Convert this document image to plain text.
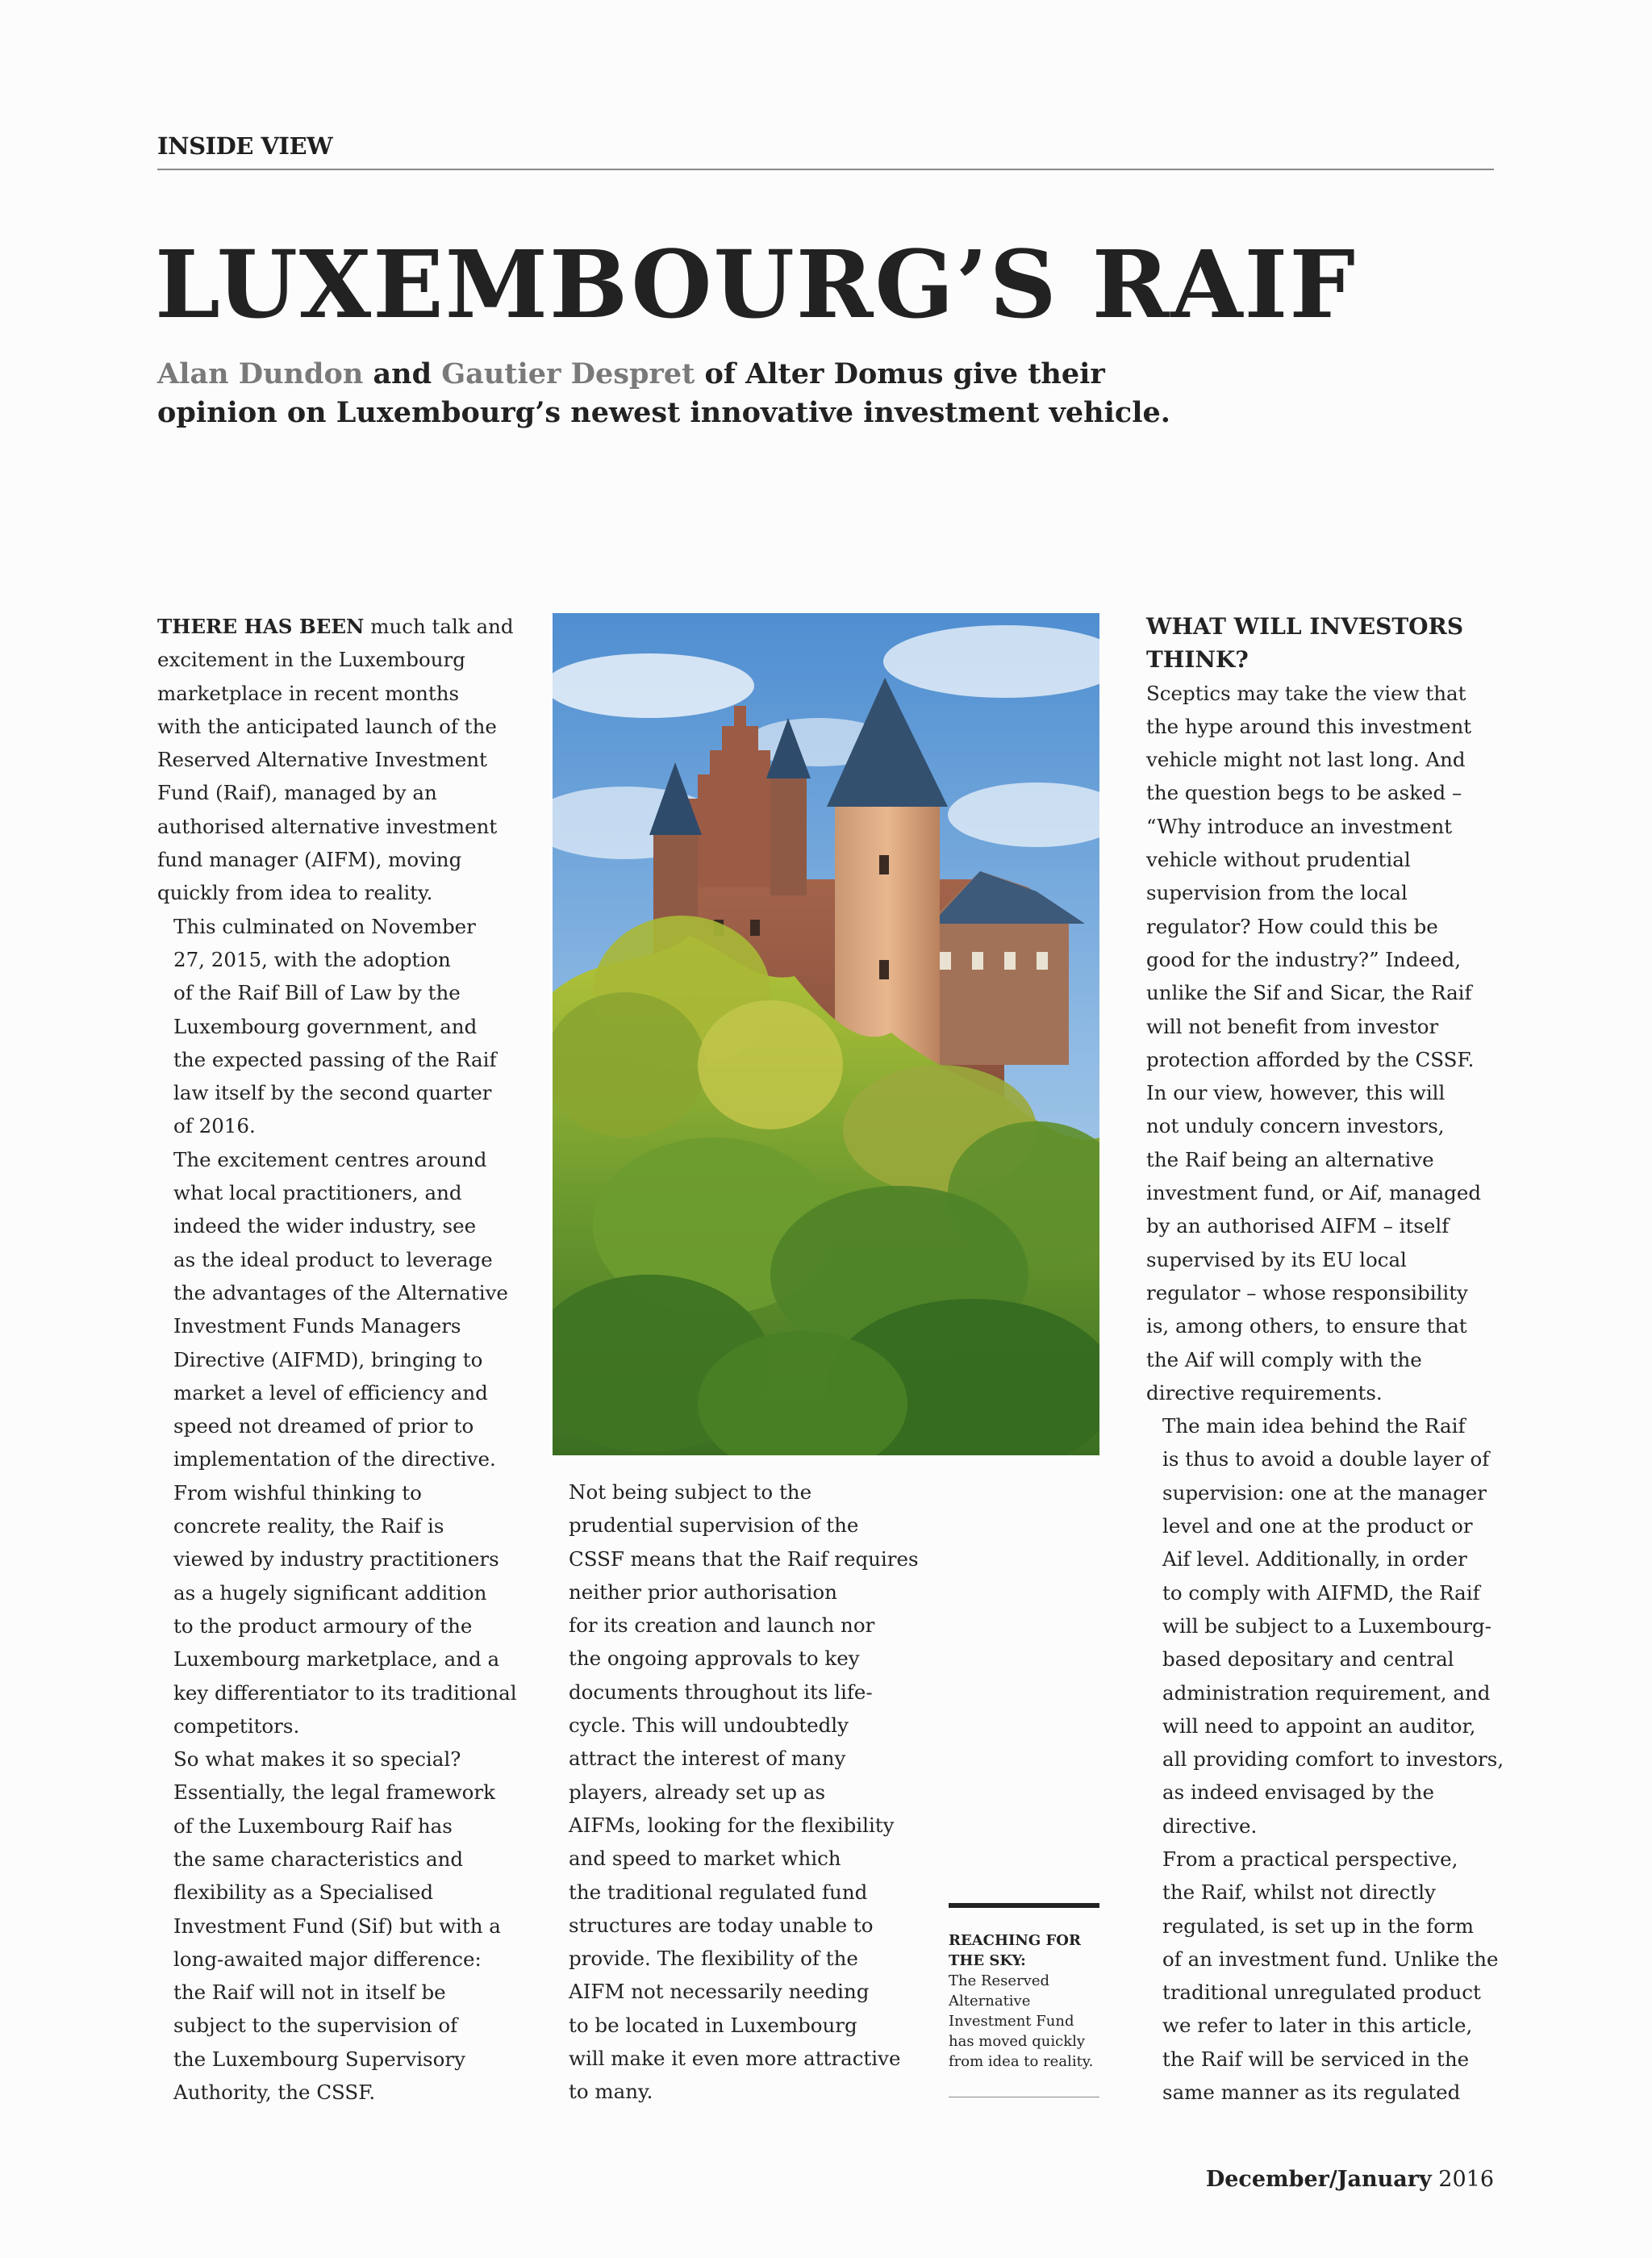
INSIDE VIEW
LUXEMBOURG’S RAIF
Alan Dundon and Gautier Despret of Alter Domus give their
opinion on Luxembourg’s newest innovative investment vehicle.

THERE HAS BEEN much talk and
excitement in the Luxembourg
marketplace in recent months
with the anticipated launch of the
Reserved Alternative Investment
Fund (Raif), managed by an
authorised alternative investment
fund manager (AIFM), moving
quickly from idea to reality.

This culminated on November
27, 2015, with the adoption
of the Raif Bill of Law by the
Luxembourg government, and
the expected passing of the Raif
law itself by the second quarter
of 2016.

The excitement centres around
what local practitioners, and
indeed the wider industry, see
as the ideal product to leverage
the advantages of the Alternative
Investment Funds Managers
Directive (AIFMD), bringing to
market a level of efficiency and
speed not dreamed of prior to
implementation of the directive.

From wishful thinking to
concrete reality, the Raif is
viewed by industry practitioners
as a hugely significant addition
to the product armoury of the
Luxembourg marketplace, and a
key differentiator to its traditional
competitors.

So what makes it so special?
Essentially, the legal framework
of the Luxembourg Raif has
the same characteristics and
flexibility as a Specialised
Investment Fund (Sif) but with a
long-awaited major difference:
the Raif will not in itself be
subject to the supervision of
the Luxembourg Supervisory
Authority, the CSSF.

Not being subject to the
prudential supervision of the
CSSF means that the Raif requires
neither prior authorisation
for its creation and launch nor
the ongoing approvals to key
documents throughout its life-
cycle. This will undoubtedly
attract the interest of many
players, already set up as
AIFMs, looking for the flexibility
and speed to market which
the traditional regulated fund
structures are today unable to
provide. The flexibility of the
AIFM not necessarily needing
to be located in Luxembourg
will make it even more attractive
to many.

REACHING FOR
THE SKY:
The Reserved
Alternative
Investment Fund
has moved quickly
from idea to reality.
WHAT WILL INVESTORS
THINK?

Sceptics may take the view that
the hype around this investment
vehicle might not last long. And
the question begs to be asked –
“Why introduce an investment
vehicle without prudential
supervision from the local
regulator? How could this be
good for the industry?” Indeed,
unlike the Sif and Sicar, the Raif
will not benefit from investor
protection afforded by the CSSF.
In our view, however, this will
not unduly concern investors,
the Raif being an alternative
investment fund, or Aif, managed
by an authorised AIFM – itself
supervised by its EU local
regulator – whose responsibility
is, among others, to ensure that
the Aif will comply with the
directive requirements.

The main idea behind the Raif
is thus to avoid a double layer of
supervision: one at the manager
level and one at the product or
Aif level. Additionally, in order
to comply with AIFMD, the Raif
will be subject to a Luxembourg-
based depositary and central
administration requirement, and
will need to appoint an auditor,
all providing comfort to investors,
as indeed envisaged by the
directive.

From a practical perspective,
the Raif, whilst not directly
regulated, is set up in the form
of an investment fund. Unlike the
traditional unregulated product
we refer to later in this article,
the Raif will be serviced in the
same manner as its regulated

December/January 2016
